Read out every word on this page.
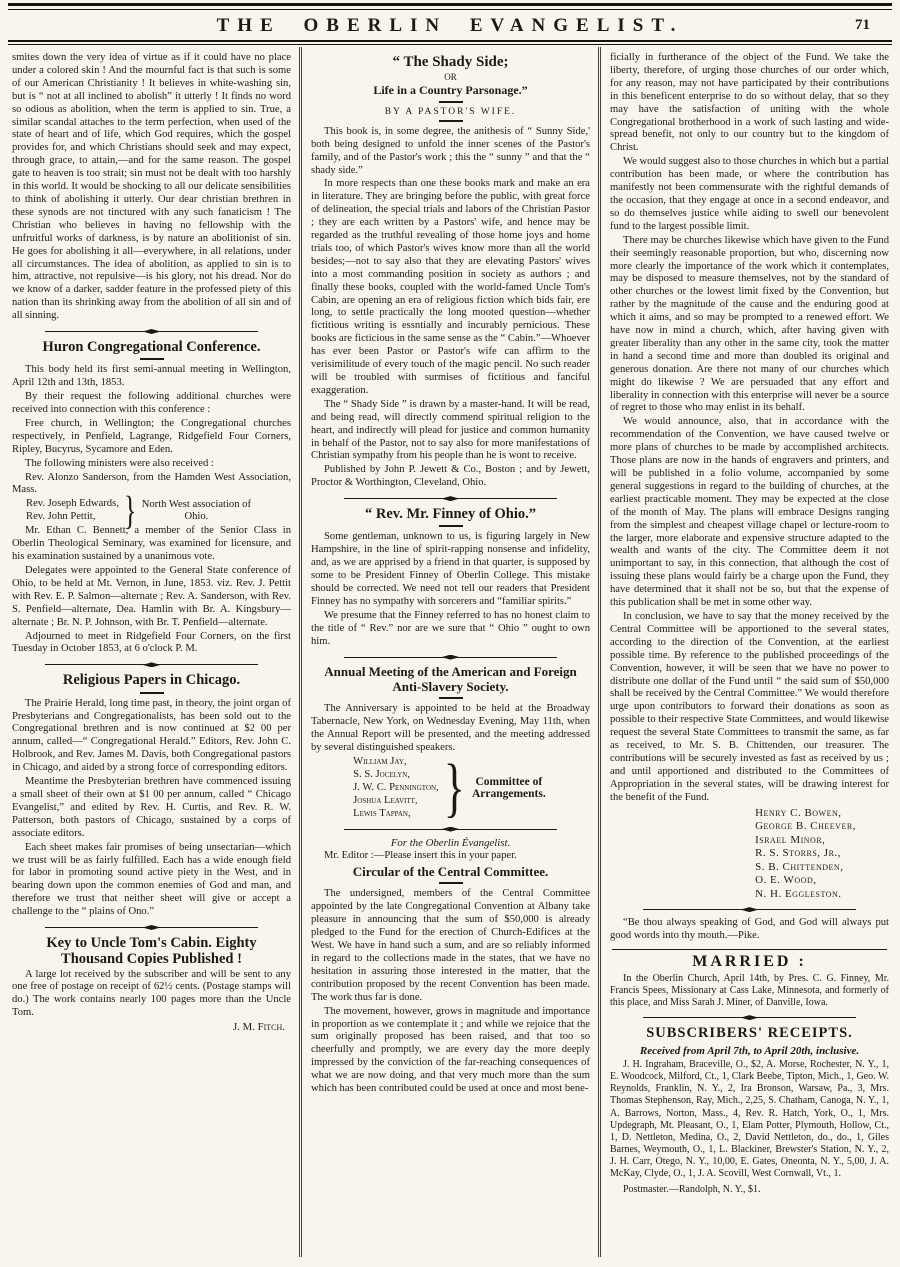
THE OBERLIN EVANGELIST.	71

smites down the very idea of virtue as if it could have no place under a colored skin ! And the mournful fact is that such is some of our American Christianity ! It believes in white-washing sin, but is “ not at all inclined to abolish” it utterly ! It finds no word so odious as abolition, when the term is applied to sin. True, a similar scandal attaches to the term perfection, when used of the state of heart and of life, which God requires, which the gospel provides for, and which Christians should seek and may expect, through grace, to attain,—and for the same reason. The gospel gate to heaven is too strait; sin must not be dealt with too harshly in this world. It would be shocking to all our delicate sensibilities to think of abolishing it utterly. Our dear christian brethren in these synods are not tinctured with any such fanaticism ! The Christian who believes in having no fellowship with the unfruitful works of darkness, is by nature an abolitionist of sin. He goes for abolishing it all—everywhere, in all relations, under all circumstances. The idea of abolition, as applied to sin is to him, attractive, not repulsive—is his glory, not his dread. Nor do we know of a darker, sadder feature in the professed piety of this nation than its shrinking away from the abolition of all sin and of all sinning.

Huron Congregational Conference.

This body held its first semi-annual meeting in Wellington, April 12th and 13th, 1853.

By their request the following additional churches were received into connection with this conference :

Free church, in Wellington; the Congregational churches respectively, in Penfield, Lagrange, Ridgefield Four Corners, Ripley, Bucyrus, Sycamore and Eden.

The following ministers were also received :

Rev. Alonzo Sanderson, from the Hamden West Association, Mass.

Rev. Joseph Edwards,
Rev. John Pettit,
}
North West association of Ohio.

Mr. Ethan C. Bennett, a member of the Senior Class in Oberlin Theological Seminary, was examined for licensure, and his examination sustained by a unanimous vote.

Delegates were appointed to the General State conference of Ohio, to be held at Mt. Vernon, in June, 1853. viz. Rev. J. Pettit with Rev. E. P. Salmon—alternate ; Rev. A. Sanderson, with Rev. S. Penfield—alternate, Dea. Hamlin with Br. A. Kingsbury—alternate ; Br. N. P. Johnson, with Br. T. Penfield—alternate.

Adjourned to meet in Ridgefield Four Corners, on the first Tuesday in October 1853, at 6 o'clock P. M.

Religious Papers in Chicago.

The Prairie Herald, long time past, in theory, the joint organ of Presbyterians and Congregationalists, has been sold out to the Congregational brethren and is now continued at $2 00 per annum, called—“ Congregational Herald.” Editors, Rev. John C. Holbrook, and Rev. James M. Davis, both Congregational pastors in Chicago, and aided by a strong force of corresponding editors.

Meantime the Presbyterian brethren have commenced issuing a small sheet of their own at $1 00 per annum, called “ Chicago Evangelist,” and edited by Rev. H. Curtis, and Rev. R. W. Patterson, both pastors of Chicago, sustained by a corps of associate editors.

Each sheet makes fair promises of being unsectarian—which we trust will be as fairly fulfilled. Each has a wide enough field for labor in promoting sound active piety in the West, and in bearing down upon the common enemies of God and man, and therefore we trust that neither sheet will give or accept a challenge to the “ plains of Ono.”

Key to Uncle Tom's Cabin. Eighty Thousand Copies Published !

A large lot received by the subscriber and will be sent to any one free of postage on receipt of 62½ cents. (Postage stamps will do.) The work contains nearly 100 pages more than the Uncle Tom.

J. M. Fitch.
“ The Shady Side;
OR
Life in a Country Parsonage.”
BY A PASTOR'S WIFE.

This book is, in some degree, the anithesis of “ Sunny Side,' both being designed to unfold the inner scenes of the Pastor's family, and of the Pastor's work ; this the “ sunny ” and that the “ shady side.”

In more respects than one these books mark and make an era in literature. They are bringing before the public, with great force of delineation, the special trials and labors of the Christian Pastor ; they are each written by a Pastors' wife, and hence may be regarded as the truthful revealing of those home joys and home trials too, of which Pastor's wives know more than all the world besides;—not to say also that they are elevating Pastors' wives into a most commanding position in society as authors ; and finally these books, coupled with the world-famed Uncle Tom's Cabin, are opening an era of religious fiction which bids fair, ere long, to settle practically the long mooted question—whether fictitious writing is essntially and incurably pernicious. These books are ficticious in the same sense as the “ Cabin.”—Whoever has ever been Pastor or Pastor's wife can affirm to the verisimilitude of every touch of the magic pencil. No such reader will be troubled with surmises of fictitious and fanciful exaggeration.

The “ Shady Side ” is drawn by a master-hand. It will be read, and being read, will directly commend spiritual religion to the heart, and indirectly will plead for justice and common humanity in behalf of the Pastor, not to say also for more manifestations of Christian sympathy from his people than he is wont to receive.

Published by John P. Jewett & Co., Boston ; and by Jewett, Proctor & Worthington, Cleveland, Ohio.

“ Rev. Mr. Finney of Ohio.”

Some gentleman, unknown to us, is figuring largely in New Hampshire, in the line of spirit-rapping nonsense and infidelity, and, as we are apprised by a friend in that quarter, is supposed by some to be President Finney of Oberlin College. This mistake should be corrected. We need not tell our readers that President Finney has no sympathy with sorcerers and “familiar spirits.”

We presume that the Finney referred to has no honest claim to the title of “ Rev.” nor are we sure that “ Ohio ” ought to own him.

Annual Meeting of the American and Foreign Anti-Slavery Society.

The Anniversary is appointed to be held at the Broadway Tabernacle, New York, on Wednesday Evening, May 11th, when the Annual Report will be presented, and the meeting addressed by several distinguished speakers.

William Jay,
S. S. Jocelyn,
J. W. C. Pennington,
Joshua Leavitt,
Lewis Tappan,
}
Committee of Arrangements.
For the Oberlin Évangelist.

Mr. Editor :—Please insert this in your paper.

Circular of the Central Committee.

The undersigned, members of the Central Committee appointed by the late Congregational Convention at Albany take pleasure in announcing that the sum of $50,000 is already pledged to the Fund for the erection of Church-Edifices at the West. We have in hand such a sum, and are so reliably informed in regard to the collections made in the states, that we have no hesitation in assuring those interested in the matter, that the contribution proposed by the recent Convention has been made. The work thus far is done.

The movement, however, grows in magnitude and importance in proportion as we contemplate it ; and while we rejoice that the sum originally proposed has been raised, and that too so cheerfully and promptly, we are every day the more deeply impressed by the conviction of the far-reaching consequences of what we are now doing, and that very much more than the sum which has been contributed could be used at once and most bene-

ficially in furtherance of the object of the Fund. We take the liberty, therefore, of urging those churches of our order which, for any reason, may not have participated by their contributions in this beneficent enterprise to do so without delay, that so they may have the satisfaction of uniting with the whole Congregational brotherhood in a work of such lasting and wide-spread benefit, not only to our country but to the kingdom of Christ.

We would suggest also to those churches in which but a partial contribution has been made, or where the contribution has manifestly not been commensurate with the rightful demands of the occasion, that they engage at once in a second endeavor, and so do themselves justice while aiding to swell our benevolent fund to the largest possible limit.

There may be churches likewise which have given to the Fund their seemingly reasonable proportion, but who, discerning now more clearly the importance of the work which it contemplates, may be disposed to measure themselves, not by the standard of other churches or the lowest limit fixed by the Convention, but rather by the magnitude of the cause and the enduring good at which it aims, and so may be prompted to a renewed effort. We have now in mind a church, which, after having given with greater liberality than any other in the same city, took the matter in hand a second time and more than doubled its original and generous donation. Are there not many of our churches which might do likewise ? We are persuaded that any effort and liberality in connection with this enterprise will never be a source of regret to those who may enlist in its behalf.

We would announce, also, that in accordance with the recommendation of the Convention, we have caused twelve or more plans of churches to be made by accomplished architects. Those plans are now in the hands of engravers and printers, and will be published in a folio volume, accompanied by some general suggestions in regard to the building of churches, at the earliest practicable moment. They may be expected at the close of the month of May. The plans will embrace Designs ranging from the simplest and cheapest village chapel or lecture-room to the larger, more elaborate and expensive structure adapted to the wealth and wants of the city. The Committee deem it not unimportant to say, in this connection, that although the cost of issuing these plans would fairly be a charge upon the Fund, they have determined that it shall not be so, but that the expense of this publication shall be met in some other way.

In conclusion, we have to say that the money received by the Central Committee will be apportioned to the several states, according to the direction of the Convention, at the earliest possible time. By reference to the published proceedings of the Convention, however, it will be seen that we have no power to distribute one dollar of the Fund until “ the said sum of $50,000 shall be received by the Central Committee.” We would therefore urge upon contributors to forward their donations as soon as possible to their respective State Committees, and would likewise request the several State Committees to transmit the same, as far as received, to Mr. S. B. Chittenden, our treasurer. The contributions will be securely invested as fast as received by us ; and until apportioned and distributed to the Committees of Appropriation in the several states, will be drawing interest for the benefit of the Fund.

Henry C. Bowen,
George B. Cheever,
Israel Minor,
R. S. Storrs, Jr.,
S. B. Chittenden,
O. E. Wood,
N. H. Eggleston.

“Be thou always speaking of God, and God will always put good words into thy mouth.—Pike.

MARRIED :

In the Oberlin Church, April 14th, by Pres. C. G. Finney, Mr. Francis Spees, Missionary at Cass Lake, Minnesota, and formerly of this place, and Miss Sarah J. Miner, of Danville, Iowa.

SUBSCRIBERS' RECEIPTS.
Received from April 7th, to April 20th, inclusive.

J. H. Ingraham, Braceville, O., $2, A. Morse, Rochester, N. Y., 1, E. Woodcock, Milford, Ct., 1, Clark Beebe, Tipton, Mich., 1, Geo. W. Reynolds, Franklin, N. Y., 2, Ira Bronson, Warsaw, Pa., 3, Mrs. Thomas Stephenson, Ray, Mich., 2,25, S. Chatham, Canoga, N. Y., 1, A. Barrows, Norton, Mass., 4, Rev. R. Hatch, York, O., 1, Mrs. Updegraph, Mt. Pleasant, O., 1, Elam Potter, Plymouth, Hollow, Ct., 1, D. Nettleton, Medina, O., 2, David Nettleton, do., do., 1, Giles Barnes, Weymouth, O., 1, L. Blackiner, Brewster's Station, N. Y., 2, J. H. Carr, Otego, N. Y., 10,00, E. Gates, Oneonta, N. Y., 5,00, J. A. McKay, Clyde, O., 1, J. A. Scovill, West Cornwall, Vt., 1.

Postmaster.—Randolph, N. Y., $1.
